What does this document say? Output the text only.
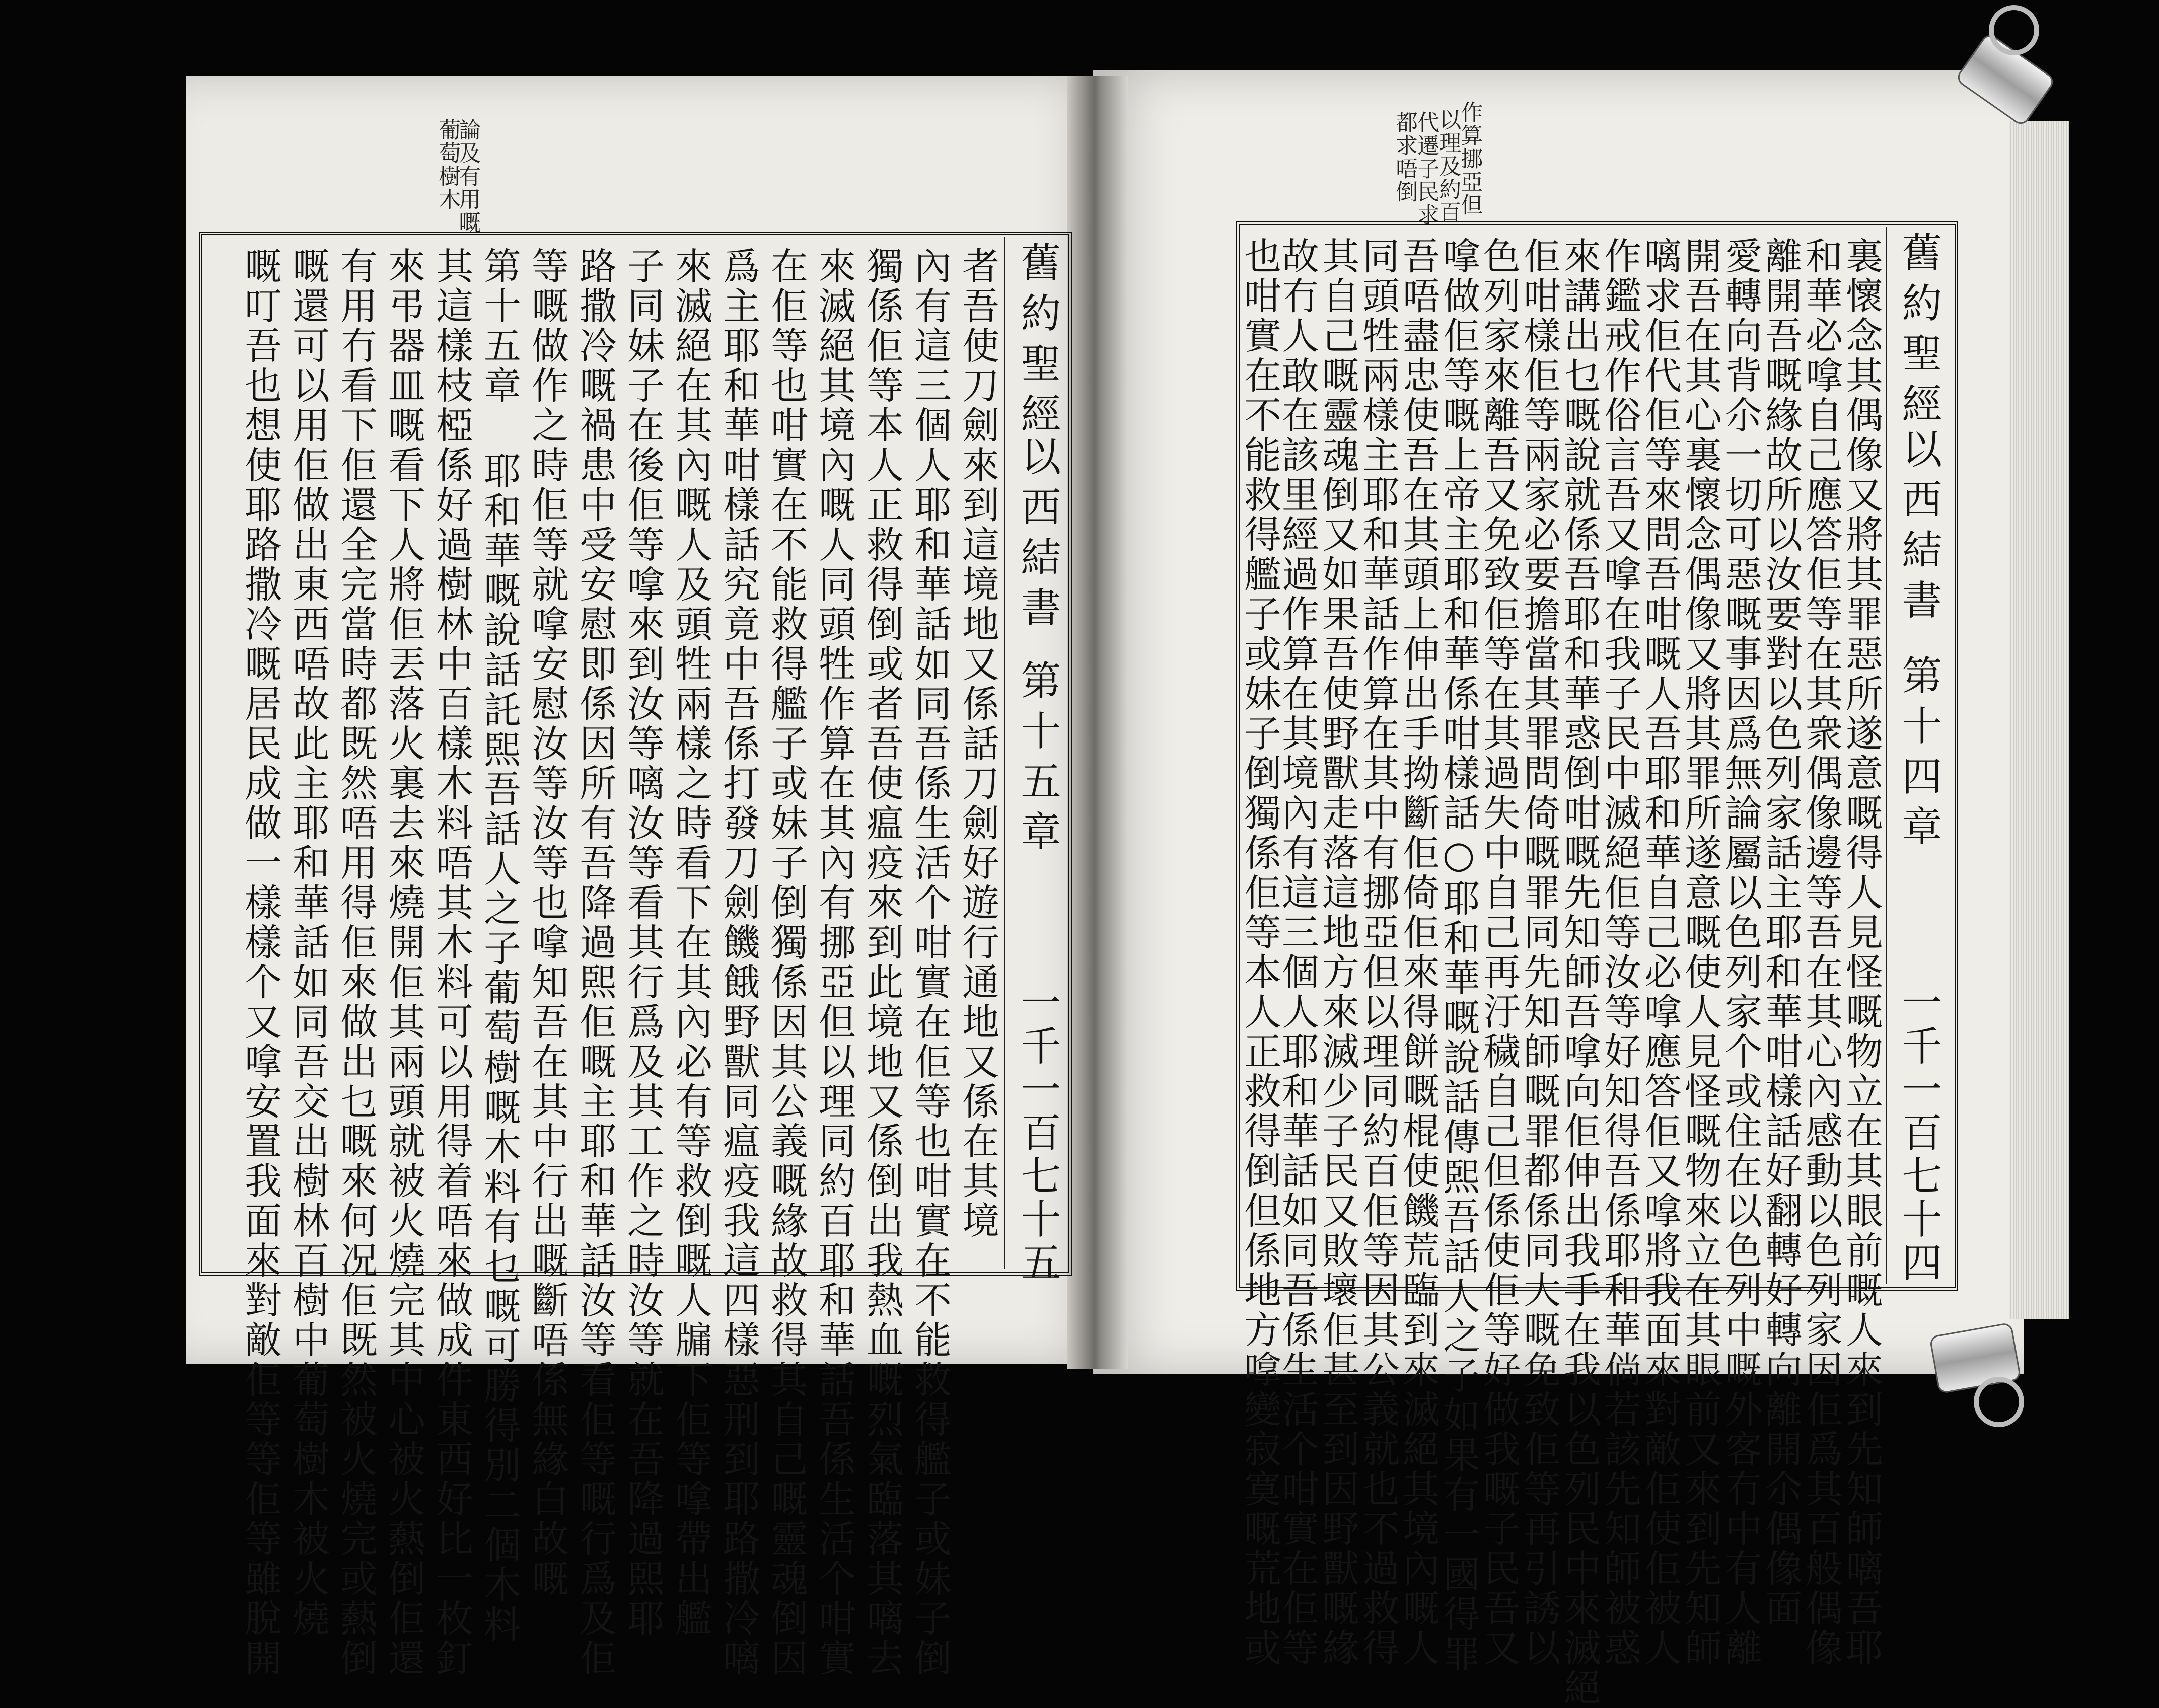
論及有用嘅
葡萄樹木	作算挪亞但
以理及約百
代遷子民求
都求唔倒
舊約聖經
以西結書
第十五章
一千一百七十五
者吾使刀劍來到這境地又係話刀劍好遊行通地又係在其境
內有這三個人耶和華話如同吾係生活个咁實在佢等也咁實在不能救得艦子或妹子倒
獨係佢等本人正救得倒或者吾使瘟疫來到此境地又係倒出我熱血嘅烈氣臨落其𠻗去
來滅絕其境內嘅人同頭牲作算在其內有挪亞但以理同約百耶和華話吾係生活个咁實
在佢等也咁實在不能救得艦子或妹子倒獨係因其公義嘅緣故救得其自己嘅靈魂倒因
爲主耶和華咁樣話究竟中吾係打發刀劍饑餓野獸同瘟疫我這四樣惡刑到耶路撒冷𠻗
來滅絕在其內嘅人及頭牲兩樣之時看下在其內必有等救倒嘅人牖下佢等嗱帶出艦
子同妹子在後佢等嗱來到汝等𠻗汝等看其行爲及其工作之時汝等就在吾降過𤋮耶
路撒冷嘅禍患中受安慰即係因所有吾降過𤋮佢嘅主耶和華話汝等看佢等嘅行爲及佢
等嘅做作之時佢等就嗱安慰汝等汝等也嗱知吾在其中行出嘅斷唔係無緣白故嘅
第十五章 耶和華嘅說話託𤋮吾話人之子葡萄樹嘅木料有乜嘅可勝得別二個木料
其這樣枝椏係好過樹林中百樣木料唔其木料可以用得着唔來做成件東西好比一枚釘
來弔器皿嘅看下人將佢丟落火裏去來燒開佢其兩頭就被火燒完其中心被火爇倒佢還
有用冇看下佢還全完當時都既然唔用得佢來做出乜嘅來何况佢既然被火燒完或爇倒
嘅還可以用佢做出東西唔故此主耶和華話如同吾交出樹林百樹中葡萄樹木被火燒
嘅叮吾也想使耶路撒冷嘅居民成做一樣樣个又嗱安置我面來對敵佢等等佢等雖脫開	舊約聖經
以西結書
第十四章
一千一百七十四
裏懷念其偶像又將其罪惡所遂意嘅得人見怪嘅物立在其眼前嘅人來到先知師𠻗吾耶
和華必嗱自己應答佢等在其衆偶像邊等吾在其心內感動以色列家因佢爲其百般偶像
離開吾嘅緣故所以汝要對以色列家話主耶和華咁樣話好翻轉好轉向離開尒偶像面
愛轉向背尒一切可惡嘅事因爲無論屬以色列家个或住在以色列中嘅外客冇中有人離
開吾在其心裏懷念偶像又將其罪所遂意嘅使人見怪嘅物來立在其眼前又來到先知師
𠻗求佢代佢等來問吾咁嘅人吾耶和華自己必嗱應答佢又嗱將我面來對敵佢使佢被人
作鑑戒作俗言吾又嗱在我子民中滅絕佢等汝等好知得吾係耶和華倘若該先知師被惑
來講出乜嘅說就係吾耶和華惑倒咁嘅先知師吾嗱向佢伸出我手在我以色列民中來滅絕
佢咁樣佢等兩家必要擔當其罪問倚嘅罪同先知師嘅罪都係同大嘅免致佢等再引誘以
色列家來離吾又免致佢等在其過失中自己再汙穢自己但係使佢等好做我嘅子民吾又
嗱做佢等嘅上帝主耶和華係咁樣話○耶和華嘅說話傳𤋮吾話人之子如果有一國得罪
吾唔盡忠使吾在其頭上伸出手拗斷佢倚佢來得餅嘅棍使饑荒臨到來滅絕其境內嘅人
同頭牲兩樣主耶和華話作算在其中有挪亞但以理同約百佢等因其公義就也不過救得
其自己嘅靈魂倒又如果吾使野獸走落這地方來滅少子民又敗壞佢甚至到因野獸嘅緣
故冇人敢在該里經過作算在其境內有這三個人耶和華話如同吾係生活个咁實在佢等
也咁實在不能救得艦子或妹子倒獨係佢等本人正救得倒但係地方嗱變寂寞嘅荒地或
